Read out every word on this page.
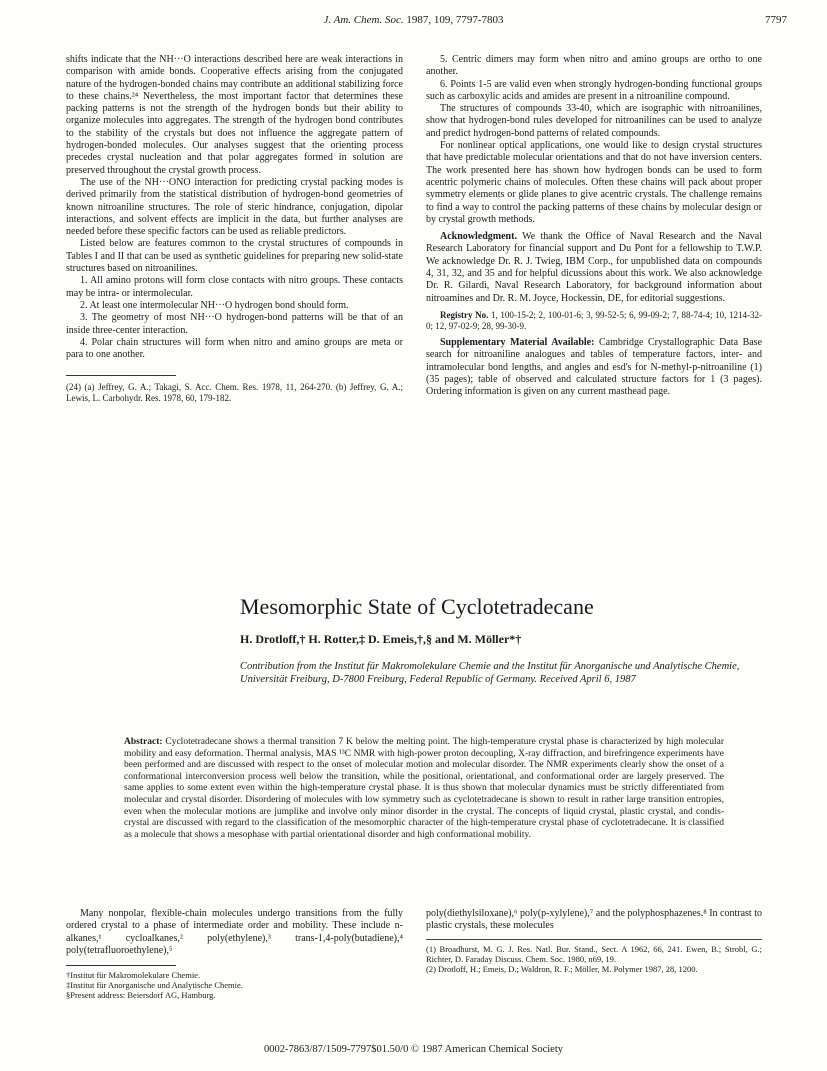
J. Am. Chem. Soc. 1987, 109, 7797-7803	7797

shifts indicate that the NH···O interactions described here are weak interactions in comparison with amide bonds. Cooperative effects arising from the conjugated nature of the hydrogen-bonded chains may contribute an additional stabilizing force to these chains.²⁴ Nevertheless, the most important factor that determines these packing patterns is not the strength of the hydrogen bonds but their ability to organize molecules into aggregates. The strength of the hydrogen bond contributes to the stability of the crystals but does not influence the aggregate pattern of hydrogen-bonded molecules. Our analyses suggest that the orienting process precedes crystal nucleation and that polar aggregates formed in solution are preserved throughout the crystal growth process.

The use of the NH···ONO interaction for predicting crystal packing modes is derived primarily from the statistical distribution of hydrogen-bond geometries of known nitroaniline structures. The role of steric hindrance, conjugation, dipolar interactions, and solvent effects are implicit in the data, but further analyses are needed before these specific factors can be used as reliable predictors.

Listed below are features common to the crystal structures of compounds in Tables I and II that can be used as synthetic guidelines for preparing new solid-state structures based on nitroanilines.

1. All amino protons will form close contacts with nitro groups. These contacts may be intra- or intermolecular.

2. At least one intermolecular NH···O hydrogen bond should form.

3. The geometry of most NH···O hydrogen-bond patterns will be that of an inside three-center interaction.

4. Polar chain structures will form when nitro and amino groups are meta or para to one another.

(24) (a) Jeffrey, G. A.; Takagi, S. Acc. Chem. Res. 1978, 11, 264-270. (b) Jeffrey, G. A.; Lewis, L. Carbohydr. Res. 1978, 60, 179-182.

5. Centric dimers may form when nitro and amino groups are ortho to one another.

6. Points 1-5 are valid even when strongly hydrogen-bonding functional groups such as carboxylic acids and amides are present in a nitroaniline compound.

The structures of compounds 33-40, which are isographic with nitroanilines, show that hydrogen-bond rules developed for nitroanilines can be used to analyze and predict hydrogen-bond patterns of related compounds.

For nonlinear optical applications, one would like to design crystal structures that have predictable molecular orientations and that do not have inversion centers. The work presented here has shown how hydrogen bonds can be used to form acentric polymeric chains of molecules. Often these chains will pack about proper symmetry elements or glide planes to give acentric crystals. The challenge remains to find a way to control the packing patterns of these chains by molecular design or by crystal growth methods.

Acknowledgment. We thank the Office of Naval Research and the Naval Research Laboratory for financial support and Du Pont for a fellowship to T.W.P. We acknowledge Dr. R. J. Twieg, IBM Corp., for unpublished data on compounds 4, 31, 32, and 35 and for helpful dicussions about this work. We also acknowledge Dr. R. Gilardi, Naval Research Laboratory, for background information about nitroamines and Dr. R. M. Joyce, Hockessin, DE, for editorial suggestions.

Registry No. 1, 100-15-2; 2, 100-01-6; 3, 99-52-5; 6, 99-09-2; 7, 88-74-4; 10, 1214-32-0; 12, 97-02-9; 28, 99-30-9.

Supplementary Material Available: Cambridge Crystallographic Data Base search for nitroaniline analogues and tables of temperature factors, inter- and intramolecular bond lengths, and angles and esd's for N-methyl-p-nitroaniline (1) (35 pages); table of observed and calculated structure factors for 1 (3 pages). Ordering information is given on any current masthead page.

Mesomorphic State of Cyclotetradecane
H. Drotloff,† H. Rotter,‡ D. Emeis,†,§ and M. Möller*†
Contribution from the Institut für Makromolekulare Chemie and the Institut für Anorganische und Analytische Chemie, Universität Freiburg, D-7800 Freiburg, Federal Republic of Germany. Received April 6, 1987
Abstract: Cyclotetradecane shows a thermal transition 7 K below the melting point. The high-temperature crystal phase is characterized by high molecular mobility and easy deformation. Thermal analysis, MAS ¹³C NMR with high-power proton decoupling, X-ray diffraction, and birefringence experiments have been performed and are discussed with respect to the onset of molecular motion and molecular disorder. The NMR experiments clearly show the onset of a conformational interconversion process well below the transition, while the positional, orientational, and conformational order are largely preserved. The same applies to some extent even within the high-temperature crystal phase. It is thus shown that molecular dynamics must be strictly differentiated from molecular and crystal disorder. Disordering of molecules with low symmetry such as cyclotetradecane is shown to result in rather large transition entropies, even when the molecular motions are jumplike and involve only minor disorder in the crystal. The concepts of liquid crystal, plastic crystal, and condis-crystal are discussed with regard to the classification of the mesomorphic character of the high-temperature crystal phase of cyclotetradecane. It is classified as a molecule that shows a mesophase with partial orientational disorder and high conformational mobility.

Many nonpolar, flexible-chain molecules undergo transitions from the fully ordered crystal to a phase of intermediate order and mobility. These include n-alkanes,¹ cycloalkanes,² poly(ethylene),³ trans-1,4-poly(butadiene),⁴ poly(tetrafluoroethylene),⁵

†Institut für Makromolekulare Chemie.

‡Institut für Anorganische und Analytische Chemie.

§Present address: Beiersdorf AG, Hamburg.

poly(diethylsiloxane),⁶ poly(p-xylylene),⁷ and the polyphosphazenes.⁸ In contrast to plastic crystals, these molecules

(1) Broadhurst, M. G. J. Res. Natl. Bur. Stand., Sect. A 1962, 66, 241. Ewen, B.; Strobl, G.; Richter, D. Faraday Discuss. Chem. Soc. 1980, n69, 19.

(2) Drotloff, H.; Emeis, D.; Waldron, R. F.; Möller, M. Polymer 1987, 28, 1200.

0002-7863/87/1509-7797$01.50/0 © 1987 American Chemical Society
